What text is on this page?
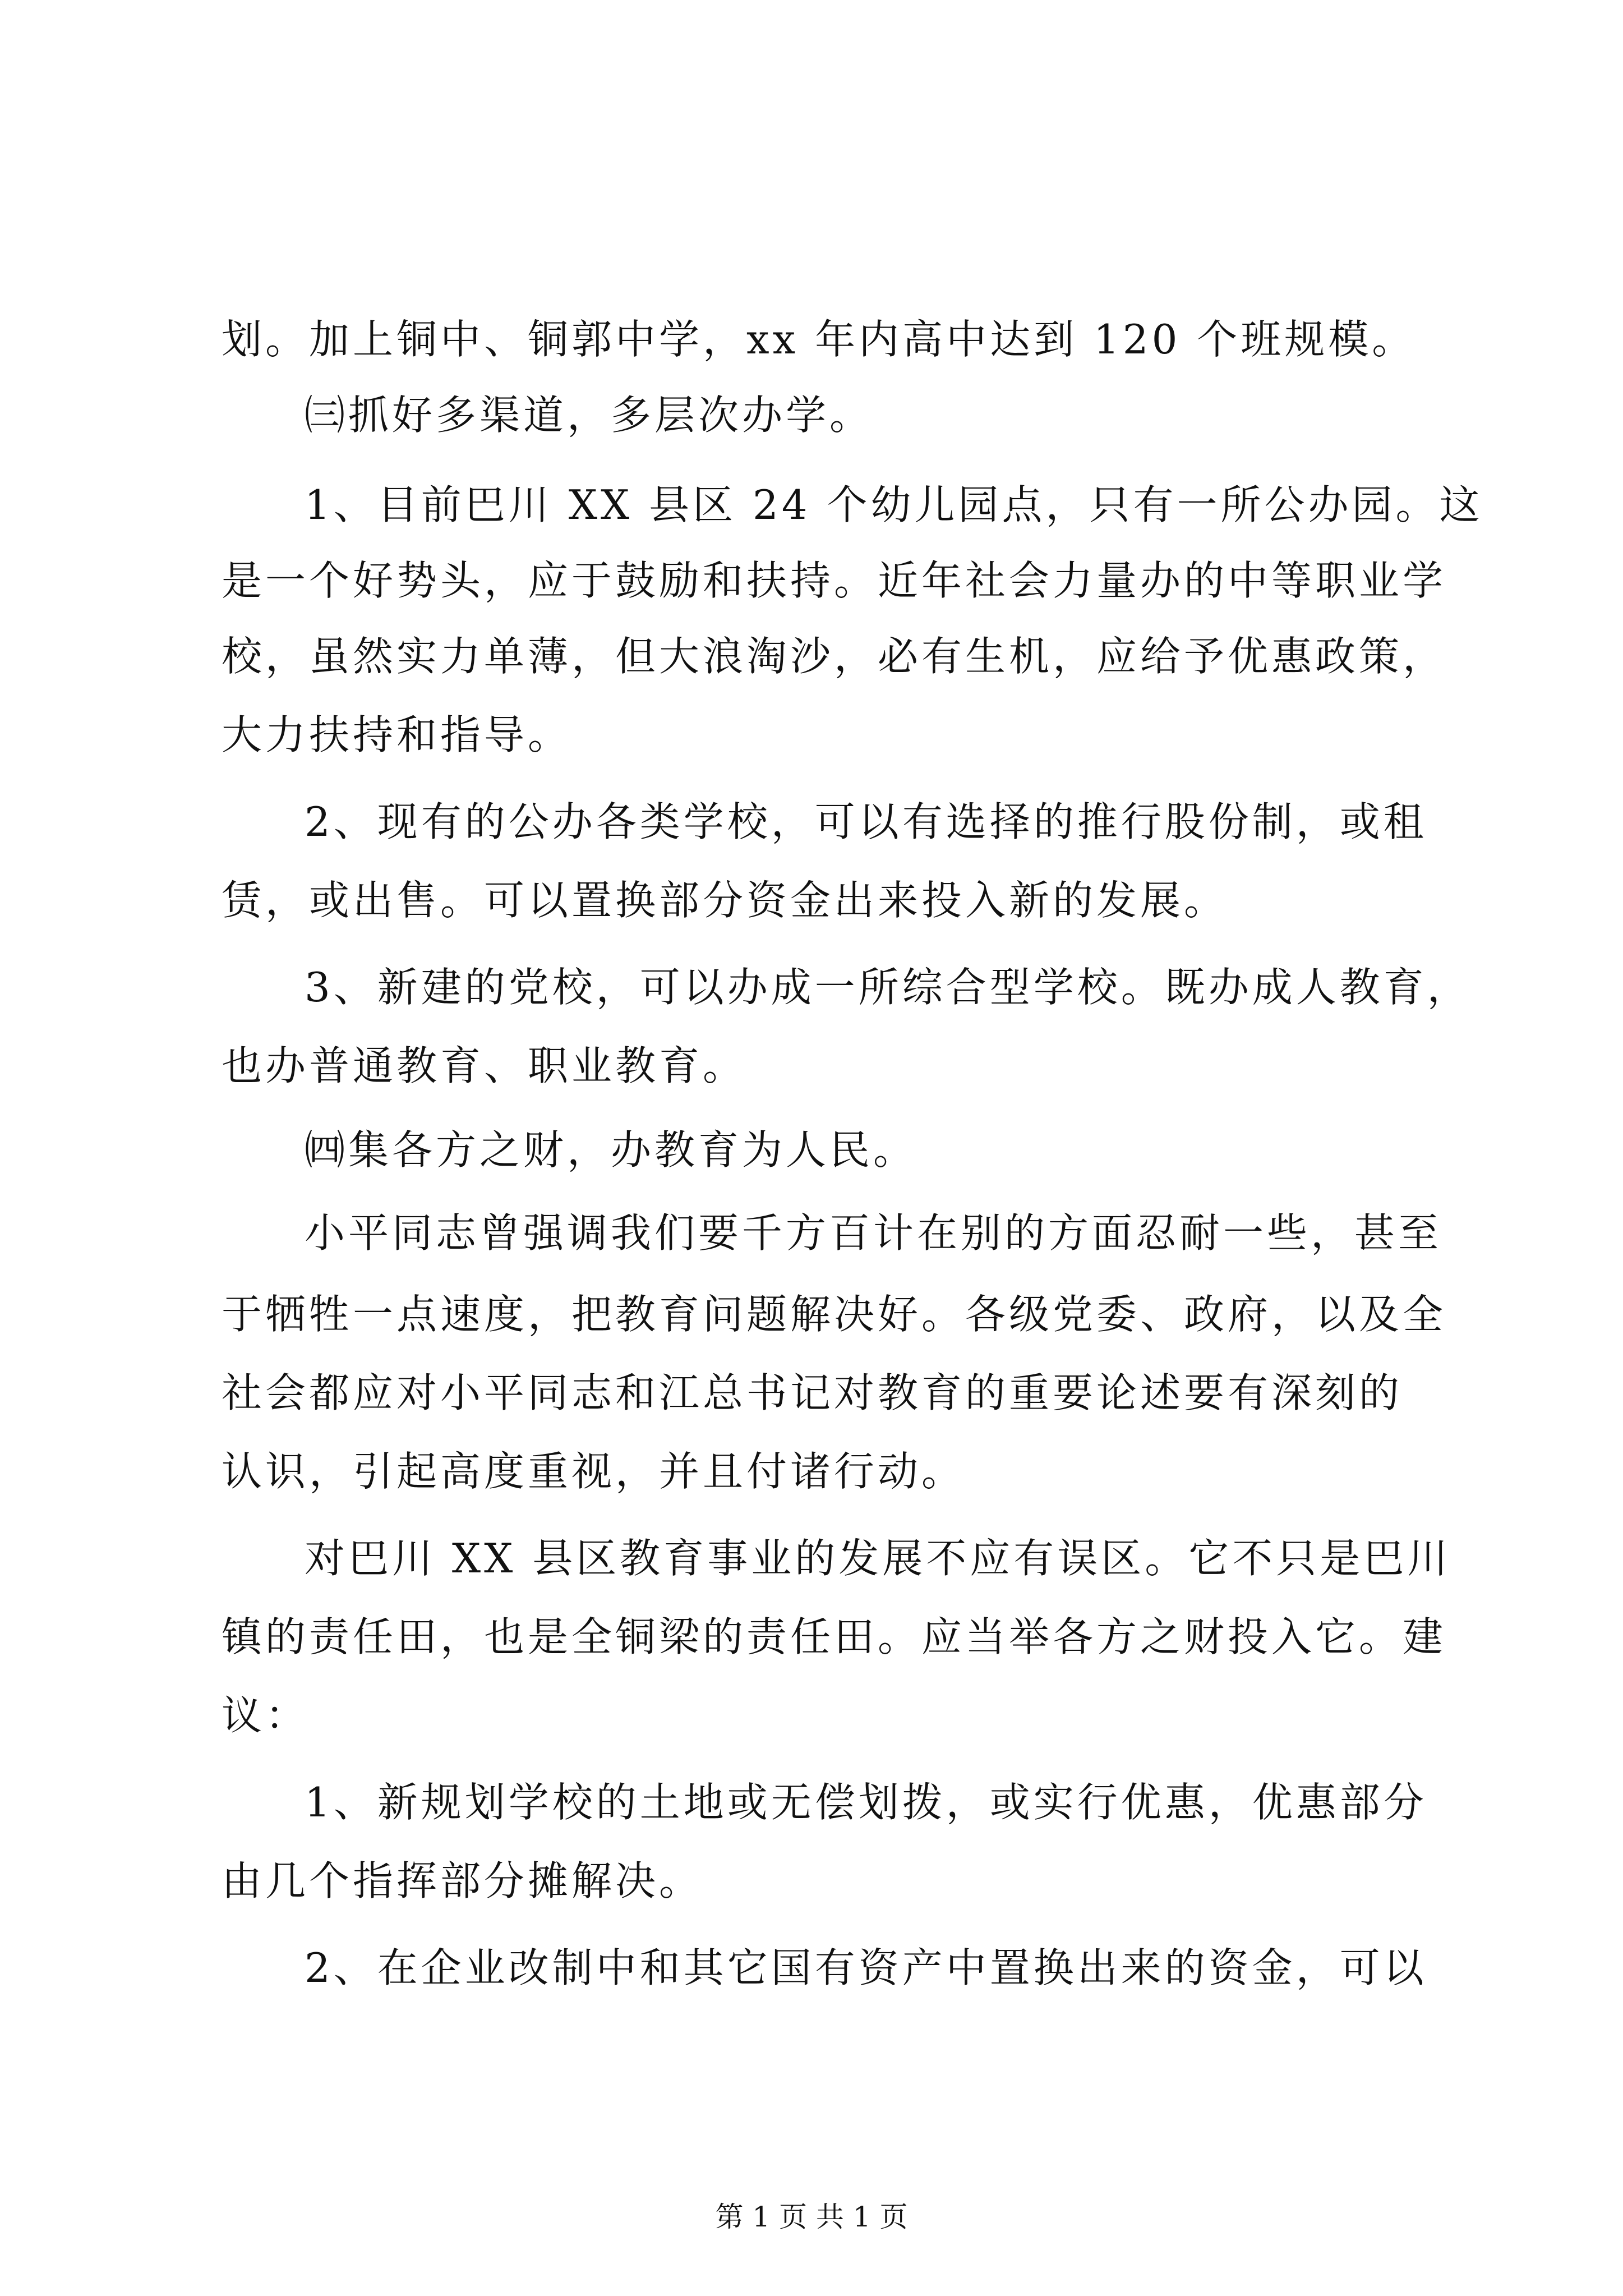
划。加上铜中、铜郭中学，xx 年内高中达到 120 个班规模。
㈢抓好多渠道，多层次办学。
1、目前巴川 XX 县区 24 个幼儿园点，只有一所公办园。这
是一个好势头，应于鼓励和扶持。近年社会力量办的中等职业学
校，虽然实力单薄，但大浪淘沙，必有生机，应给予优惠政策，
大力扶持和指导。
2、现有的公办各类学校，可以有选择的推行股份制，或租
赁，或出售。可以置换部分资金出来投入新的发展。
3、新建的党校，可以办成一所综合型学校。既办成人教育，
也办普通教育、职业教育。
㈣集各方之财，办教育为人民。
小平同志曾强调我们要千方百计在别的方面忍耐一些，甚至
于牺牲一点速度，把教育问题解决好。各级党委、政府，以及全
社会都应对小平同志和江总书记对教育的重要论述要有深刻的
认识，引起高度重视，并且付诸行动。
对巴川 XX 县区教育事业的发展不应有误区。它不只是巴川
镇的责任田，也是全铜梁的责任田。应当举各方之财投入它。建
议：
1、新规划学校的土地或无偿划拨，或实行优惠，优惠部分
由几个指挥部分摊解决。
2、在企业改制中和其它国有资产中置换出来的资金，可以
第 1 页 共 1 页
